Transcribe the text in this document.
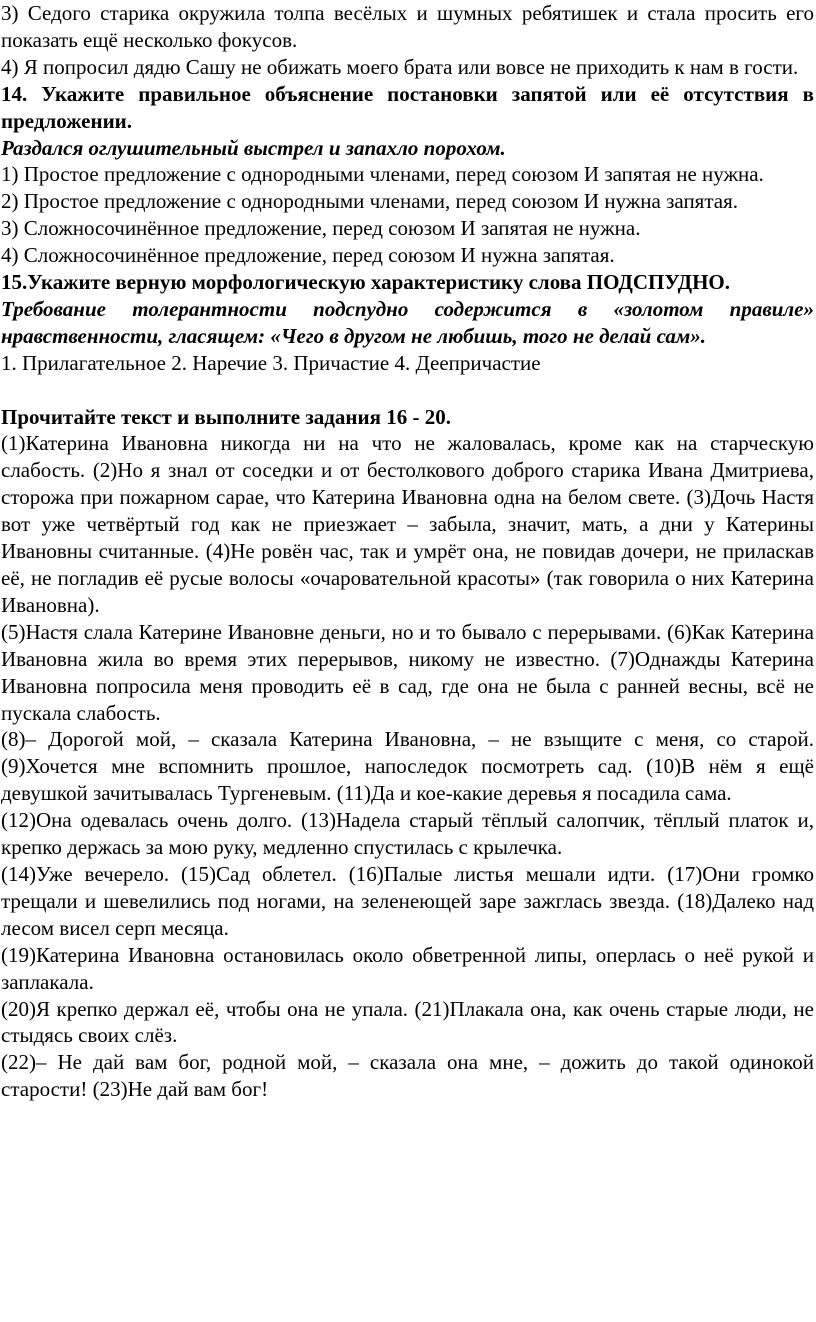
3) Седого старика окружила толпа весёлых и шумных ребятишек и стала просить его показать ещё несколько фокусов.

4) Я попросил дядю Сашу не обижать моего брата или вовсе не приходить к нам в гости.

14. Укажите правильное объяснение постановки запятой или её отсутствия в предложении.

Раздался оглушительный выстрел и запахло порохом.

1) Простое предложение с однородными членами, перед союзом И запятая не нужна.

2) Простое предложение с однородными членами, перед союзом И нужна запятая.

3) Сложносочинённое предложение, перед союзом И запятая не нужна.

4) Сложносочинённое предложение, перед союзом И нужна запятая.

15.Укажите верную морфологическую характеристику слова ПОДСПУДНО.

Требование толерантности подспудно содержится в «золотом правиле» нравственности, гласящем: «Чего в другом не любишь, того не делай сам».

1. Прилагательное 2. Наречие 3. Причастие 4. Деепричастие

Прочитайте текст и выполните задания 16 - 20.

(1)Катерина Ивановна никогда ни на что не жаловалась, кроме как на старческую слабость. (2)Но я знал от соседки и от бестолкового доброго старика Ивана Дмитриева, сторожа при пожарном сарае, что Катерина Ивановна одна на белом свете. (3)Дочь Настя вот уже четвёртый год как не приезжает – забыла, значит, мать, а дни у Катерины Ивановны считанные. (4)Не ровён час, так и умрёт она, не повидав дочери, не приласкав её, не погладив её русые волосы «очаровательной красоты» (так говорила о них Катерина Ивановна).

(5)Настя слала Катерине Ивановне деньги, но и то бывало с перерывами. (6)Как Катерина Ивановна жила во время этих перерывов, никому не известно. (7)Однажды Катерина Ивановна попросила меня проводить её в сад, где она не была с ранней весны, всё не пускала слабость.

(8)– Дорогой мой, – сказала Катерина Ивановна, – не взыщите с меня, со старой. (9)Хочется мне вспомнить прошлое, напоследок посмотреть сад. (10)В нём я ещё девушкой зачитывалась Тургеневым. (11)Да и кое-какие деревья я посадила сама.

(12)Она одевалась очень долго. (13)Надела старый тёплый салопчик, тёплый платок и, крепко держась за мою руку, медленно спустилась с крылечка.

(14)Уже вечерело. (15)Сад облетел. (16)Палые листья мешали идти. (17)Они громко трещали и шевелились под ногами, на зеленеющей заре зажглась звезда. (18)Далеко над лесом висел серп месяца.

(19)Катерина Ивановна остановилась около обветренной липы, оперлась о неё рукой и заплакала.

(20)Я крепко держал её, чтобы она не упала. (21)Плакала она, как очень старые люди, не стыдясь своих слёз.

(22)– Не дай вам бог, родной мой, – сказала она мне, – дожить до такой одинокой старости! (23)Не дай вам бог!
